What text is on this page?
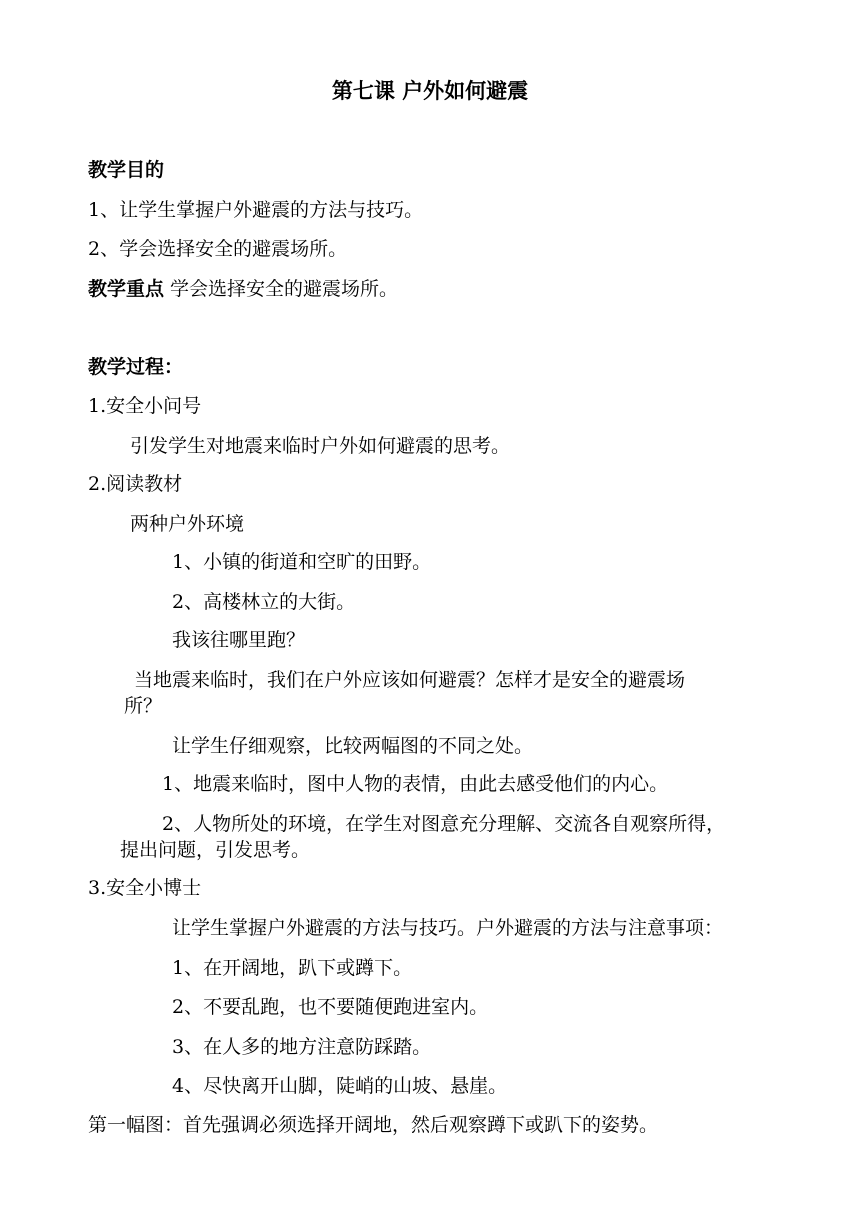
第七课 户外如何避震
教学目的
1、让学生掌握户外避震的方法与技巧。
2、学会选择安全的避震场所。
教学重点 学会选择安全的避震场所。
教学过程：
1.安全小问号
引发学生对地震来临时户外如何避震的思考。
2.阅读教材
两种户外环境
1、小镇的街道和空旷的田野。
2、高楼林立的大街。
我该往哪里跑？
当地震来临时，我们在户外应该如何避震？怎样才是安全的避震场
所？
让学生仔细观察，比较两幅图的不同之处。
1、地震来临时，图中人物的表情，由此去感受他们的内心。
2、人物所处的环境，在学生对图意充分理解、交流各自观察所得，
提出问题，引发思考。
3.安全小博士
让学生掌握户外避震的方法与技巧。户外避震的方法与注意事项：
1、在开阔地，趴下或蹲下。
2、不要乱跑，也不要随便跑进室内。
3、在人多的地方注意防踩踏。
4、尽快离开山脚，陡峭的山坡、悬崖。
第一幅图：首先强调必须选择开阔地，然后观察蹲下或趴下的姿势。
